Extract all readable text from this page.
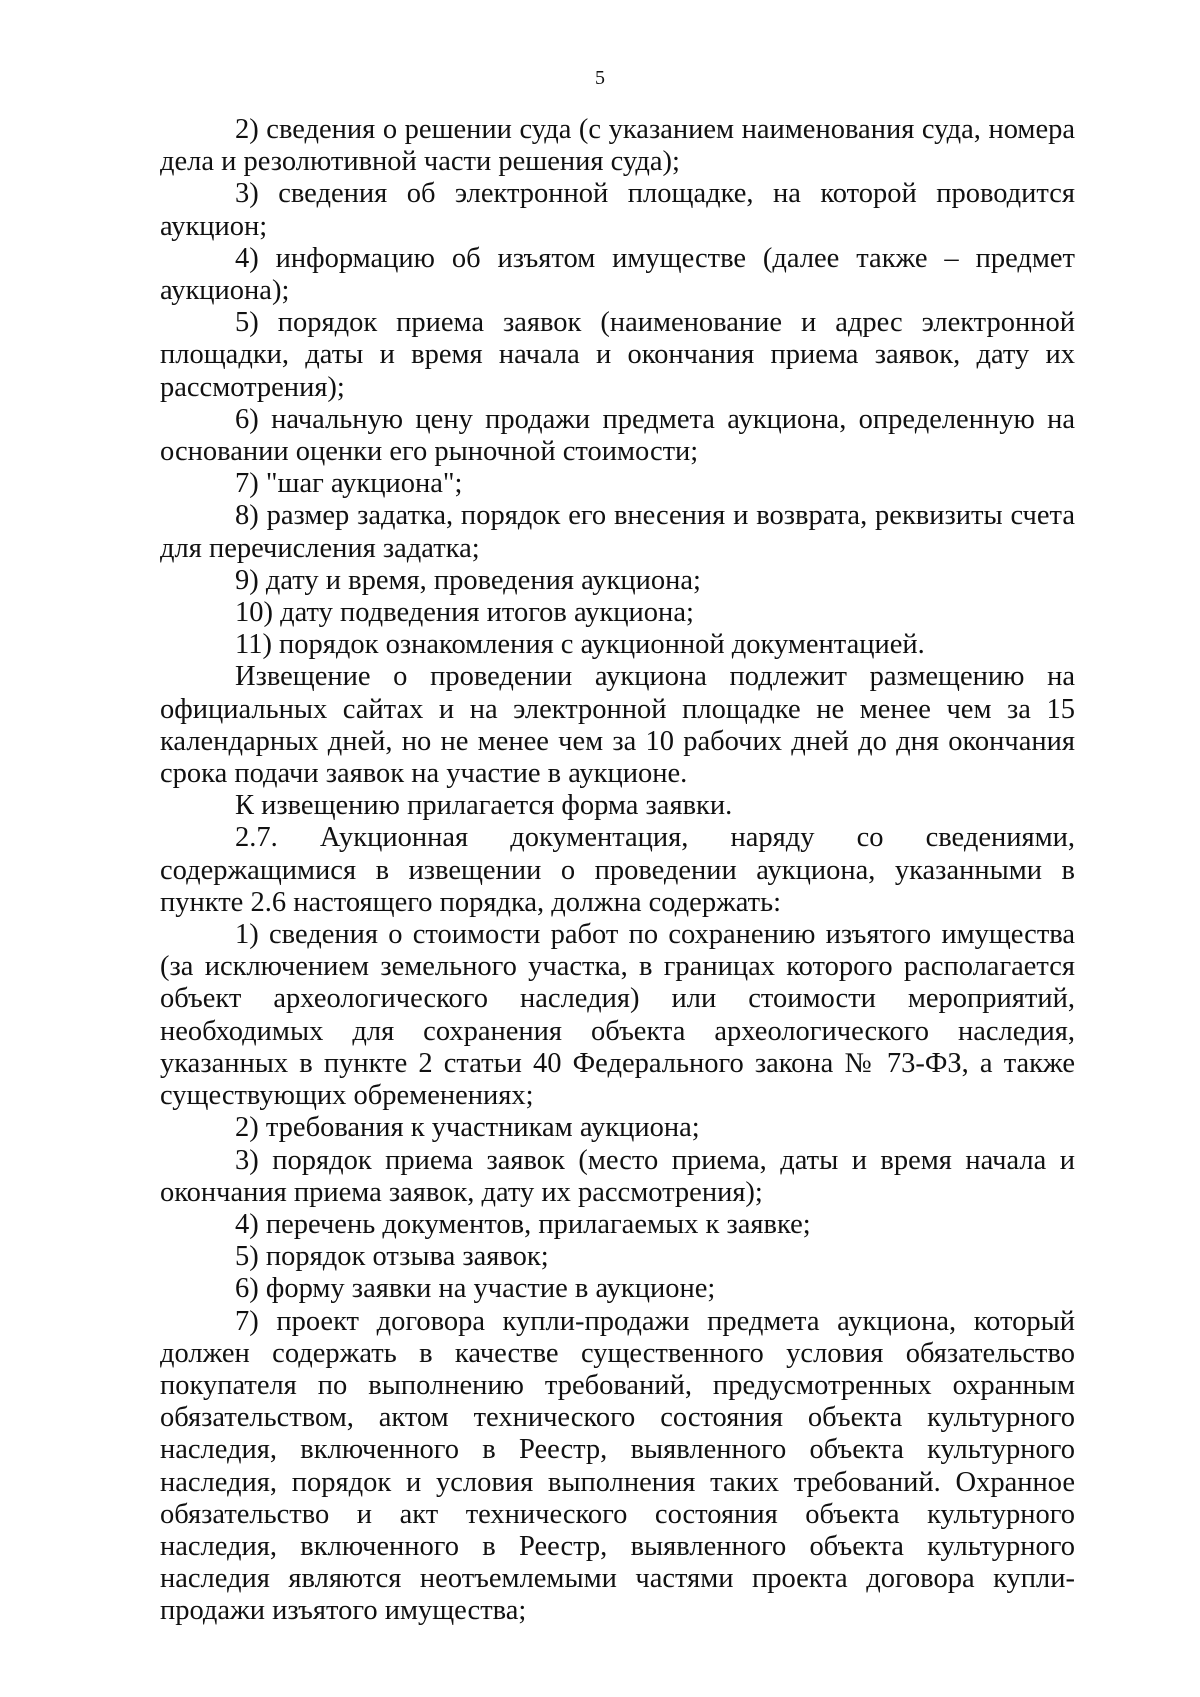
5

2) сведения о решении суда (с указанием наименования суда, номера дела и резолютивной части решения суда);

3) сведения об электронной площадке, на которой проводится аукцион;

4) информацию об изъятом имуществе (далее также – предмет аукциона);

5) порядок приема заявок (наименование и адрес электронной площадки, даты и время начала и окончания приема заявок, дату их рассмотрения);

6) начальную цену продажи предмета аукциона, определенную на основании оценки его рыночной стоимости;

7) "шаг аукциона";

8) размер задатка, порядок его внесения и возврата, реквизиты счета для перечисления задатка;

9) дату и время, проведения аукциона;

10) дату подведения итогов аукциона;

11) порядок ознакомления с аукционной документацией.

Извещение о проведении аукциона подлежит размещению на официальных сайтах и на электронной площадке не менее чем за 15 календарных дней, но не менее чем за 10 рабочих дней до дня окончания срока подачи заявок на участие в аукционе.

К извещению прилагается форма заявки.

2.7. Аукционная документация, наряду со сведениями, содержащимися в извещении о проведении аукциона, указанными в пункте 2.6 настоящего порядка, должна содержать:

1) сведения о стоимости работ по сохранению изъятого имущества (за исключением земельного участка, в границах которого располагается объект археологического наследия) или стоимости мероприятий, необходимых для сохранения объекта археологического наследия, указанных в пункте 2 статьи 40 Федерального закона № 73-ФЗ, а также существующих обременениях;

2) требования к участникам аукциона;

3) порядок приема заявок (место приема, даты и время начала и окончания приема заявок, дату их рассмотрения);

4) перечень документов, прилагаемых к заявке;

5) порядок отзыва заявок;

6) форму заявки на участие в аукционе;

7) проект договора купли-продажи предмета аукциона, который должен содержать в качестве существенного условия обязательство покупателя по выполнению требований, предусмотренных охранным обязательством, актом технического состояния объекта культурного наследия, включенного в Реестр, выявленного объекта культурного наследия, порядок и условия выполнения таких требований. Охранное обязательство и акт технического состояния объекта культурного наследия, включенного в Реестр, выявленного объекта культурного наследия являются неотъемлемыми частями проекта договора купли-продажи изъятого имущества;
